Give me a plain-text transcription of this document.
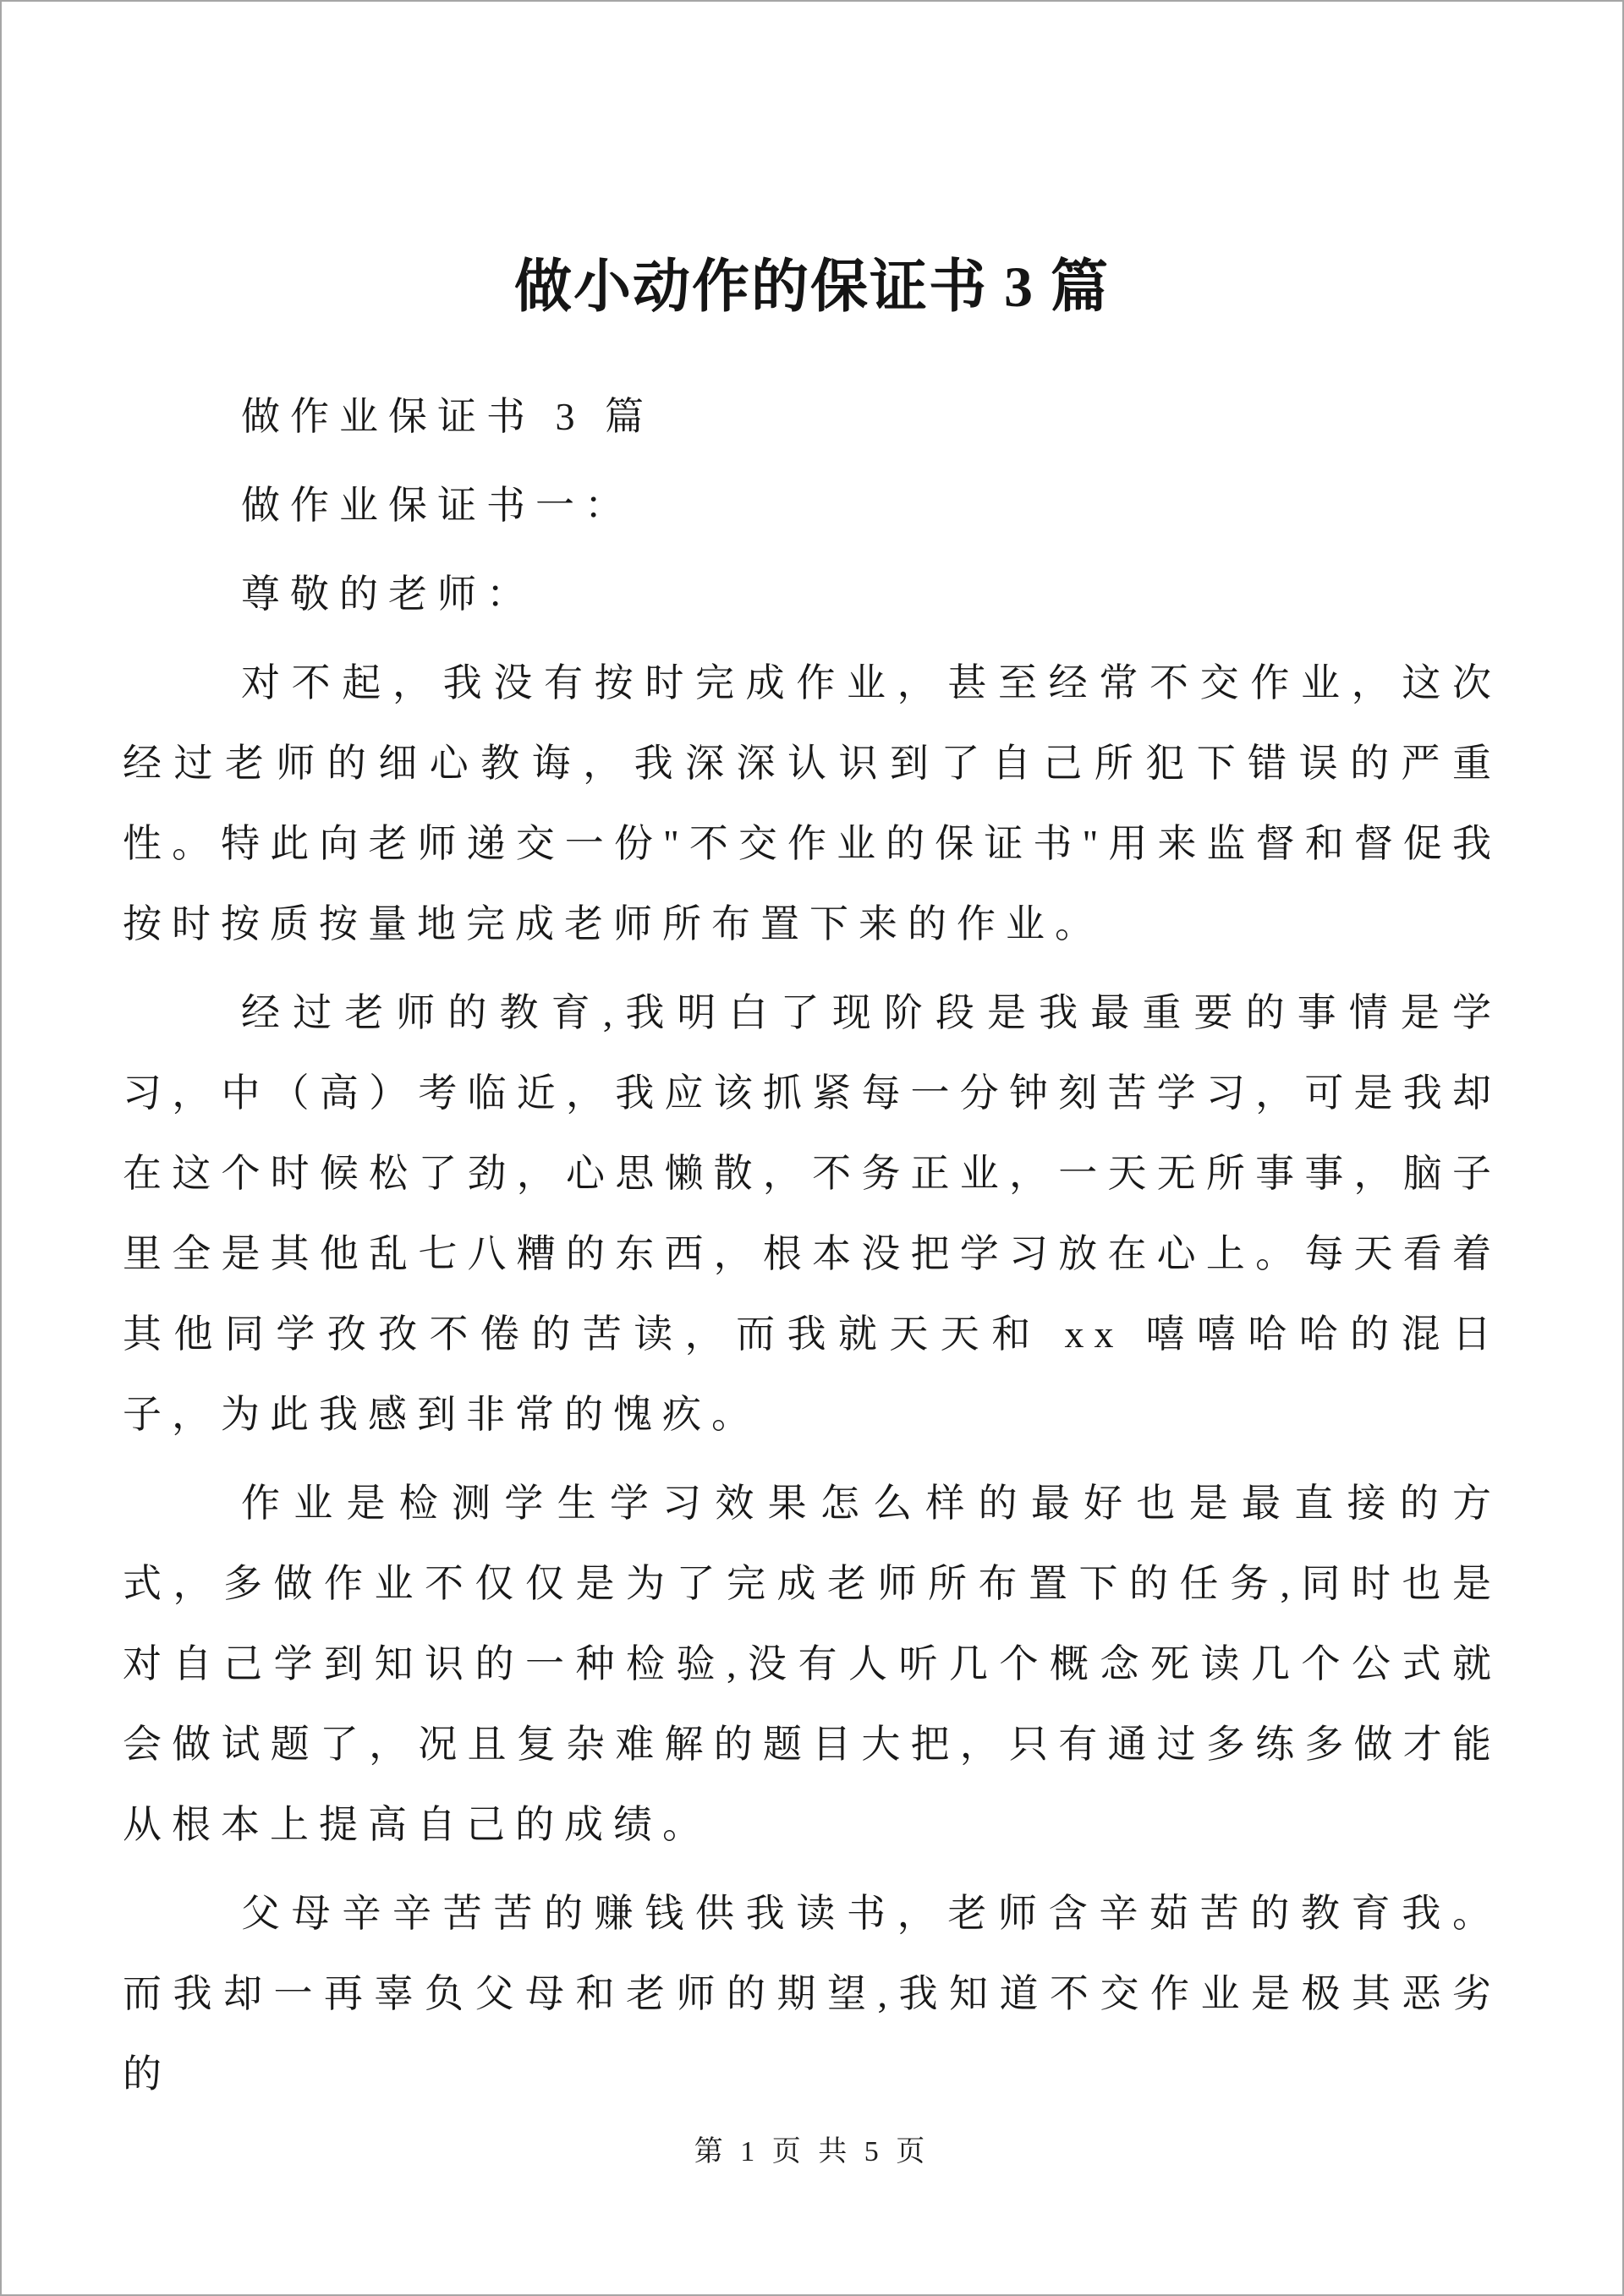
做小动作的保证书 3 篇

做作业保证书 3 篇

做作业保证书一：

尊敬的老师：

对不起，我没有按时完成作业，甚至经常不交作业，这次经过老师的细心教诲，我深深认识到了自己所犯下错误的严重性。特此向老师递交一份"不交作业的保证书"用来监督和督促我按时按质按量地完成老师所布置下来的作业。

经过老师的教育,我明白了现阶段是我最重要的事情是学习，中（高）考临近，我应该抓紧每一分钟刻苦学习，可是我却在这个时候松了劲，心思懒散，不务正业，一天无所事事，脑子里全是其他乱七八糟的东西，根本没把学习放在心上。每天看着其他同学孜孜不倦的苦读，而我就天天和 xx 嘻嘻哈哈的混日子，为此我感到非常的愧疚。

作业是检测学生学习效果怎么样的最好也是最直接的方式，多做作业不仅仅是为了完成老师所布置下的任务,同时也是对自己学到知识的一种检验,没有人听几个概念死读几个公式就会做试题了，况且复杂难解的题目大把，只有通过多练多做才能从根本上提高自己的成绩。

父母辛辛苦苦的赚钱供我读书，老师含辛茹苦的教育我。而我却一再辜负父母和老师的期望,我知道不交作业是极其恶劣的

第 1 页 共 5 页
